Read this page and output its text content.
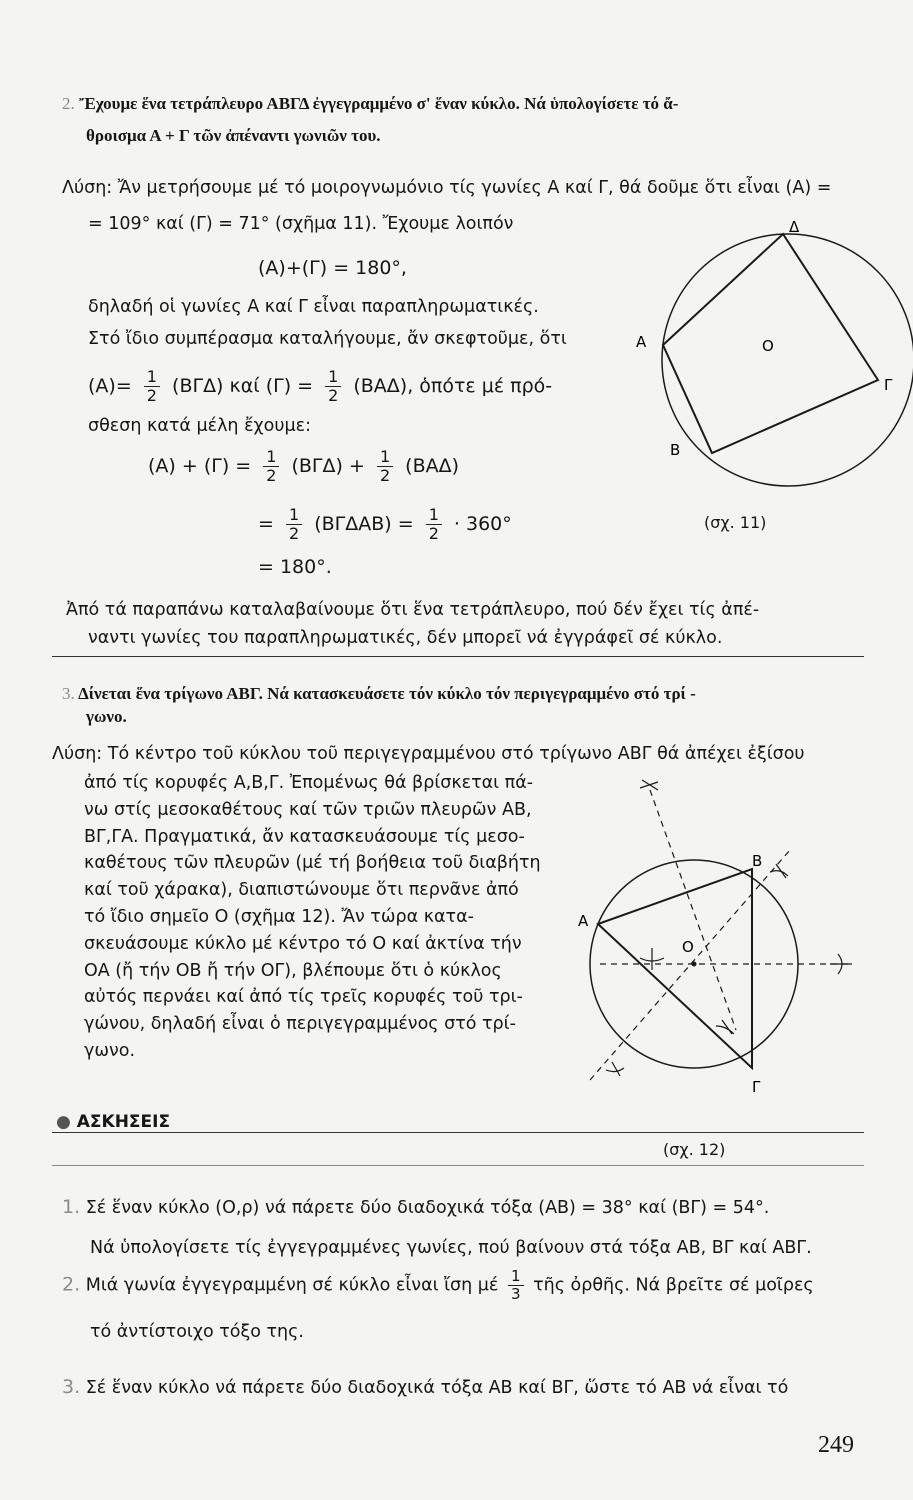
2. Ἔχουμε ἕνα τετράπλευρο ΑΒΓΔ ἐγγεγραμμένο σ' ἕναν κύκλο. Νά ὑπολογίσετε τό ἄ-
θροισμα Α + Γ τῶν ἀπέναντι γωνιῶν του.
Λύση: Ἄν μετρήσουμε μέ τό μοιρογνωμόνιο τίς γωνίες Α καί Γ, θά δοῦμε ὅτι εἶναι (Α) =
= 109° καί (Γ) = 71° (σχῆμα 11). Ἔχουμε λοιπόν
(Α)+(Γ) = 180°,
δηλαδή οἱ γωνίες Α καί Γ εἶναι παραπληρωματικές.
Στό ἴδιο συμπέρασμα καταλήγουμε, ἄν σκεφτοῦμε, ὅτι
$(A)= \frac{1}{2} (B\Gamma\Delta)$ καί $(\Gamma) = \frac{1}{2} (BA\Delta)$, ὁπότε μέ πρό-
σθεση κατά μέλη ἔχουμε:
$(A) + (\Gamma) = \frac{1}{2} (B\Gamma\Delta) + \frac{1}{2} (BA\Delta)$
= $\frac{1}{2} (B\Gamma\Delta AB) = \frac{1}{2} \cdot 360^\circ$
= 180°.
Ἀπό τά παραπάνω καταλαβαίνουμε ὅτι ἕνα τετράπλευρο, πού δέν ἔχει τίς ἀπέ-
ναντι γωνίες του παραπληρωματικές, δέν μπορεῖ νά ἐγγράφεῖ σέ κύκλο.
Α
Δ
Γ
Β
Ο
(σχ. 11)
3. Δίνεται ἕνα τρίγωνο ΑΒΓ. Νά κατασκευάσετε τόν κύκλο τόν περιγεγραμμένο στό τρί -
γωνο.
Λύση: Τό κέντρο τοῦ κύκλου τοῦ περιγεγραμμένου στό τρίγωνο ΑΒΓ θά ἀπέχει ἐξίσου
ἀπό τίς κορυφές Α,Β,Γ. Ἐπομένως θά βρίσκεται πά-
νω στίς μεσοκαθέτους καί τῶν τριῶν πλευρῶν ΑΒ,
ΒΓ,ΓΑ. Πραγματικά, ἄν κατασκευάσουμε τίς μεσο-
καθέτους τῶν πλευρῶν (μέ τή βοήθεια τοῦ διαβήτη
καί τοῦ χάρακα), διαπιστώνουμε ὅτι περνᾶνε ἀπό
τό ἴδιο σημεῖο Ο (σχῆμα 12). Ἄν τώρα κατα-
σκευάσουμε κύκλο μέ κέντρο τό Ο καί ἀκτίνα τήν
ΟΑ (ἤ τήν ΟΒ ἤ τήν ΟΓ), βλέπουμε ὅτι ὁ κύκλος
αὐτός περνάει καί ἀπό τίς τρεῖς κορυφές τοῦ τρι-
γώνου, δηλαδή εἶναι ὁ περιγεγραμμένος στό τρί-
γωνο.
Α
Β
Γ
Ο
● ΑΣΚΗΣΕΙΣ
(σχ. 12)
1. Σέ ἕναν κύκλο (Ο,ρ) νά πάρετε δύο διαδοχικά τόξα (ΑΒ) = 38° καί (ΒΓ) = 54°.
Νά ὑπολογίσετε τίς ἐγγεγραμμένες γωνίες, πού βαίνουν στά τόξα ΑΒ, ΒΓ καί ΑΒΓ.
2. Μιά γωνία ἐγγεγραμμένη σέ κύκλο εἶναι ἴση μέ $\frac{1}{3}$ τῆς ὀρθῆς. Νά βρεῖτε σέ μοῖρες
τό ἀντίστοιχο τόξο της.
3. Σέ ἕναν κύκλο νά πάρετε δύο διαδοχικά τόξα ΑΒ καί ΒΓ, ὥστε τό ΑΒ νά εἶναι τό
249
